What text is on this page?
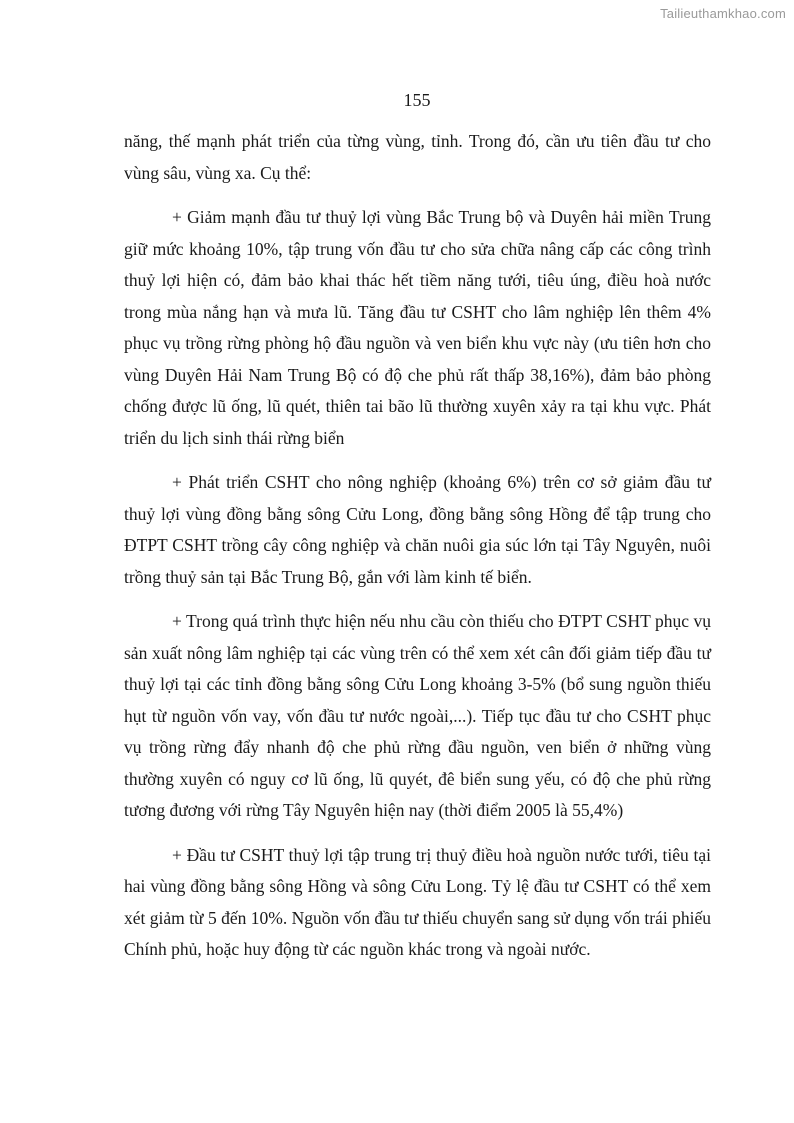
Tailieuthamkhao.com
155

năng, thế mạnh phát triển của từng vùng, tỉnh. Trong đó, cần ưu tiên đầu tư cho vùng sâu, vùng xa. Cụ thể:

+ Giảm mạnh đầu tư thuỷ lợi vùng Bắc Trung bộ và Duyên hải miền Trung giữ mức khoảng 10%, tập trung vốn đầu tư cho sửa chữa nâng cấp các công trình thuỷ lợi hiện có, đảm bảo khai thác hết tiềm năng tưới, tiêu úng, điều hoà nước trong mùa nắng hạn và mưa lũ. Tăng đầu tư CSHT cho lâm nghiệp lên thêm 4% phục vụ trồng rừng phòng hộ đầu nguồn và ven biển khu vực này (ưu tiên hơn cho vùng Duyên Hải Nam Trung Bộ có độ che phủ rất thấp 38,16%), đảm bảo phòng chống được lũ ống, lũ quét, thiên tai bão lũ thường xuyên xảy ra tại khu vực. Phát triển du lịch sinh thái rừng biển

+ Phát triển CSHT cho nông nghiệp (khoảng 6%) trên cơ sở giảm đầu tư thuỷ lợi vùng đồng bằng sông Cửu Long, đồng bằng sông Hồng để tập trung cho ĐTPT CSHT trồng cây công nghiệp và chăn nuôi gia súc lớn tại Tây Nguyên, nuôi trồng thuỷ sản tại Bắc Trung Bộ, gắn với làm kinh tế biển.

+ Trong quá trình thực hiện nếu nhu cầu còn thiếu cho ĐTPT CSHT phục vụ sản xuất nông lâm nghiệp tại các vùng trên có thể xem xét cân đối giảm tiếp đầu tư thuỷ lợi tại các tỉnh đồng bằng sông Cửu Long khoảng 3-5% (bổ sung nguồn thiếu hụt từ nguồn vốn vay, vốn đầu tư nước ngoài,...). Tiếp tục đầu tư cho CSHT phục vụ trồng rừng đẩy nhanh độ che phủ rừng đầu nguồn, ven biển ở những vùng thường xuyên có nguy cơ lũ ống, lũ quyét, đê biển sung yếu, có độ che phủ rừng tương đương với rừng Tây Nguyên hiện nay (thời điểm 2005 là 55,4%)

+ Đầu tư CSHT thuỷ lợi tập trung trị thuỷ điều hoà nguồn nước tưới, tiêu tại hai vùng đồng bằng sông Hồng và sông Cửu Long. Tỷ lệ đầu tư CSHT có thể xem xét giảm từ 5 đến 10%. Nguồn vốn đầu tư thiếu chuyển sang sử dụng vốn trái phiếu Chính phủ, hoặc huy động từ các nguồn khác trong và ngoài nước.
